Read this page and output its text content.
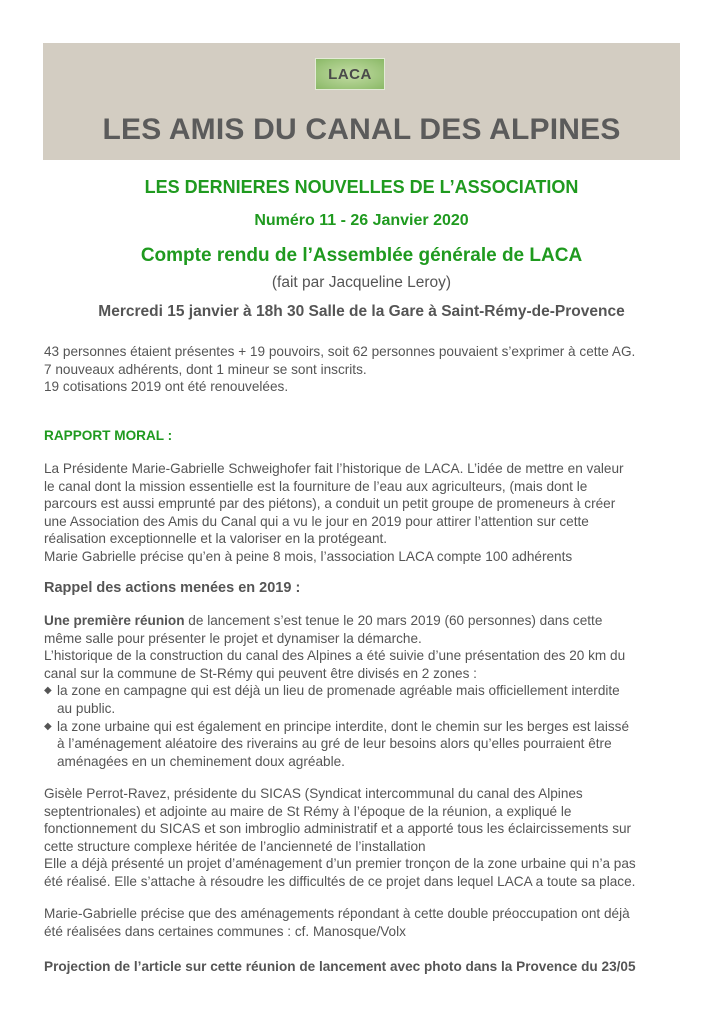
LACA
LES AMIS DU CANAL DES ALPINES
LES DERNIERES NOUVELLES DE L’ASSOCIATION
Numéro 11 - 26 Janvier 2020
Compte rendu de l’Assemblée générale de LACA
(fait par Jacqueline Leroy)
Mercredi 15 janvier à 18h 30 Salle de la Gare à Saint-Rémy-de-Provence

43 personnes étaient présentes + 19 pouvoirs, soit 62 personnes pouvaient s’exprimer à cette AG.

7 nouveaux adhérents, dont 1 mineur se sont inscrits.

19 cotisations 2019 ont été renouvelées.

RAPPORT MORAL :

La Présidente Marie-Gabrielle Schweighofer fait l’historique de LACA. L’idée de mettre en valeur

le canal dont la mission essentielle est la fourniture de l’eau aux agriculteurs, (mais dont le

parcours est aussi emprunté par des piétons), a conduit un petit groupe de promeneurs à créer

une Association des Amis du Canal qui a vu le jour en 2019 pour attirer l’attention sur cette

réalisation exceptionnelle et la valoriser en la protégeant.

Marie Gabrielle précise qu’en à peine 8 mois, l’association LACA compte 100 adhérents

Rappel des actions menées en 2019 :

Une première réunion de lancement s’est tenue le 20 mars 2019 (60 personnes) dans cette

même salle pour présenter le projet et dynamiser la démarche.

L’historique de la construction du canal des Alpines a été suivie d’une présentation des 20 km du

canal sur la commune de St-Rémy qui peuvent être divisés en 2 zones :

◆ la zone en campagne qui est déjà un lieu de promenade agréable mais officiellement interdite

au public.

◆ la zone urbaine qui est également en principe interdite, dont le chemin sur les berges est laissé

à l’aménagement aléatoire des riverains au gré de leur besoins alors qu’elles pourraient être

aménagées en un cheminement doux agréable.

Gisèle Perrot-Ravez, présidente du SICAS (Syndicat intercommunal du canal des Alpines

septentrionales) et adjointe au maire de St Rémy à l’époque de la réunion, a expliqué le

fonctionnement du SICAS et son imbroglio administratif et a apporté tous les éclaircissements sur

cette structure complexe héritée de l’ancienneté de l’installation

Elle a déjà présenté un projet d’aménagement d’un premier tronçon de la zone urbaine qui n’a pas

été réalisé. Elle s’attache à résoudre les difficultés de ce projet dans lequel LACA a toute sa place.

Marie-Gabrielle précise que des aménagements répondant à cette double préoccupation ont déjà

été réalisées dans certaines communes : cf. Manosque/Volx

Projection de l’article sur cette réunion de lancement avec photo dans la Provence du 23/05
